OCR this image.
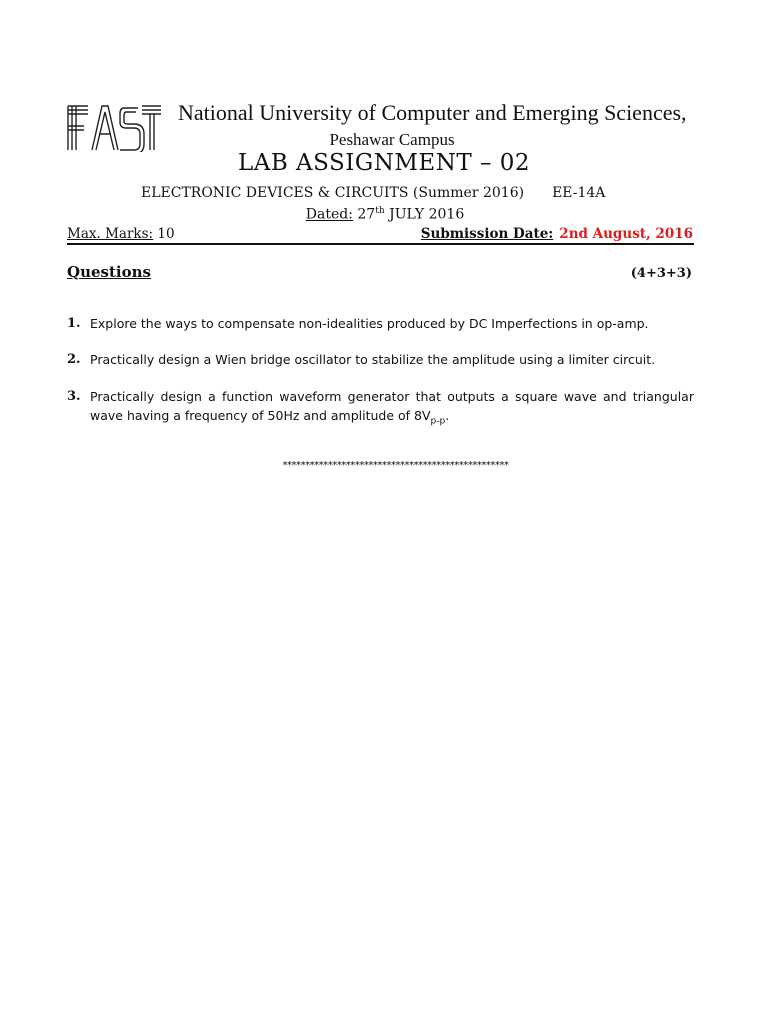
National University of Computer and Emerging Sciences,
Peshawar Campus
LAB ASSIGNMENT – 02
ELECTRONIC DEVICES & CIRCUITS (Summer 2016) EE-14A
Dated: 27th JULY 2016
Max. Marks: 10	Submission Date: 2nd August, 2016
Questions	(4+3+3)
1. Explore the ways to compensate non-idealities produced by DC Imperfections in op-amp.
2. Practically design a Wien bridge oscillator to stabilize the amplitude using a limiter circuit.
3. Practically design a function waveform generator that outputs a square wave and triangular wave having a frequency of 50Hz and amplitude of $8V_{p-p}$.
**************************************************
